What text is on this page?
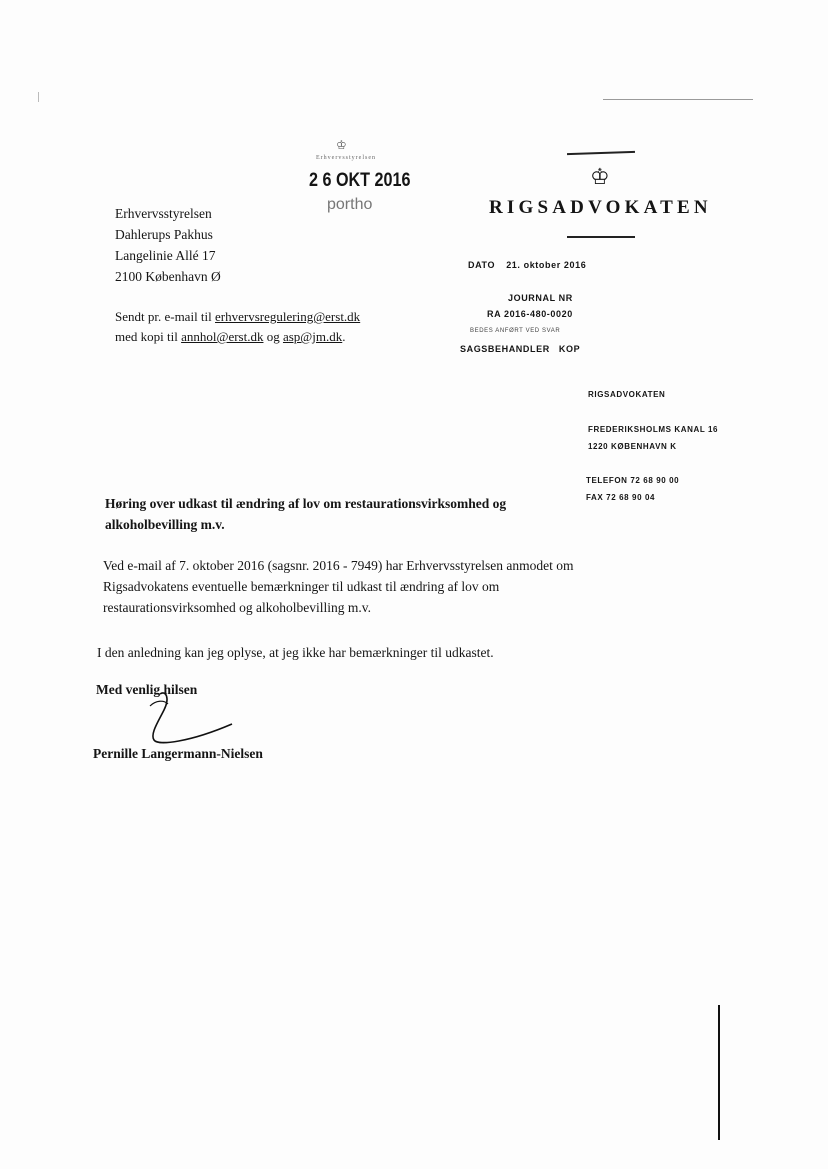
♔
Erhvervsstyrelsen
2 6 OKT 2016
portho
♔
RIGSADVOKATEN
Erhvervsstyrelsen
Dahlerups Pakhus
Langelinie Allé 17
2100 København Ø
Sendt pr. e-mail til erhvervsregulering@erst.dk
med kopi til annhol@erst.dk og asp@jm.dk.
DATO 21. oktober 2016
JOURNAL NR
RA 2016-480-0020
BEDES ANFØRT VED SVAR
SAGSBEHANDLER KOP
RIGSADVOKATEN
FREDERIKSHOLMS KANAL 16
1220 KØBENHAVN K
TELEFON 72 68 90 00
FAX 72 68 90 04
Høring over udkast til ændring af lov om restaurationsvirksomhed og alkoholbevilling m.v.
Ved e-mail af 7. oktober 2016 (sagsnr. 2016 - 7949) har Erhvervsstyrelsen anmodet om Rigsadvokatens eventuelle bemærkninger til udkast til ændring af lov om restaurationsvirksomhed og alkoholbevilling m.v.
I den anledning kan jeg oplyse, at jeg ikke har bemærkninger til udkastet.
Med venlig hilsen
Pernille Langermann-Nielsen
